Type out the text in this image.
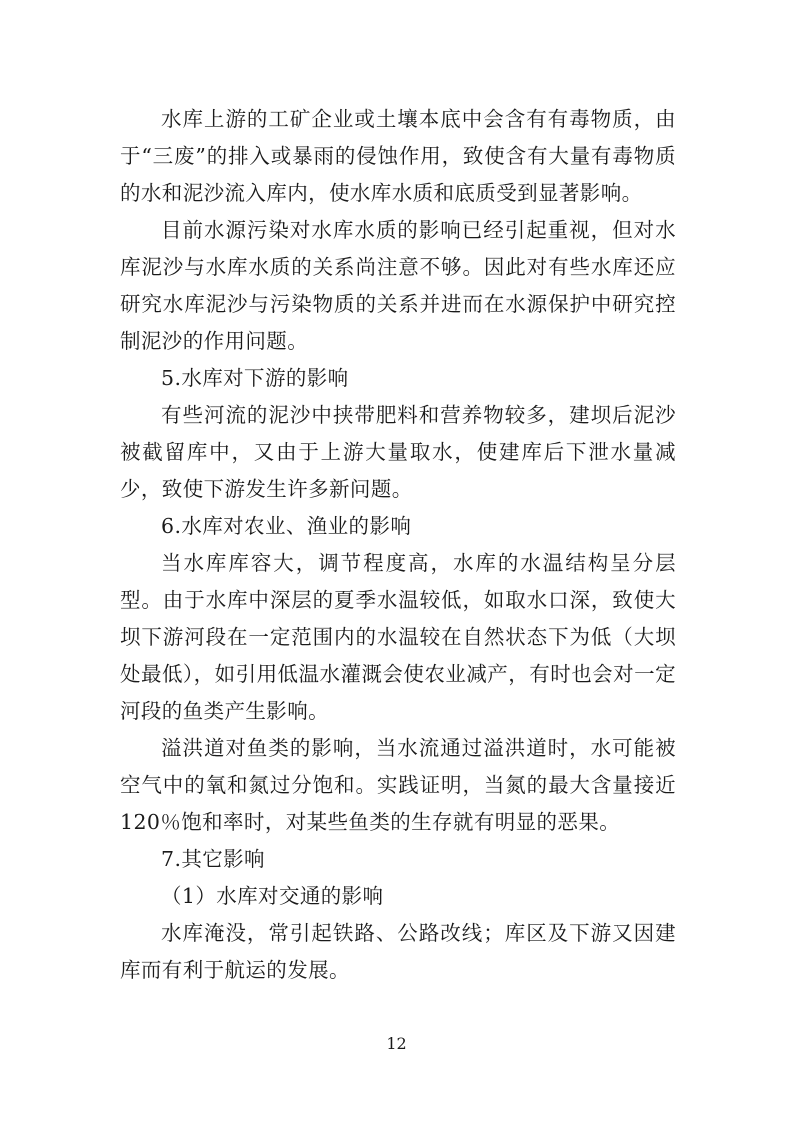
水库上游的工矿企业或土壤本底中会含有有毒物质，由于“三废”的排入或暴雨的侵蚀作用，致使含有大量有毒物质的水和泥沙流入库内，使水库水质和底质受到显著影响。

目前水源污染对水库水质的影响已经引起重视，但对水库泥沙与水库水质的关系尚注意不够。因此对有些水库还应研究水库泥沙与污染物质的关系并进而在水源保护中研究控制泥沙的作用问题。

5.水库对下游的影响

有些河流的泥沙中挟带肥料和营养物较多，建坝后泥沙被截留库中，又由于上游大量取水，使建库后下泄水量减少，致使下游发生许多新问题。

6.水库对农业、渔业的影响

当水库库容大，调节程度高，水库的水温结构呈分层型。由于水库中深层的夏季水温较低，如取水口深，致使大坝下游河段在一定范围内的水温较在自然状态下为低（大坝处最低），如引用低温水灌溉会使农业减产，有时也会对一定河段的鱼类产生影响。

溢洪道对鱼类的影响，当水流通过溢洪道时，水可能被空气中的氧和氮过分饱和。实践证明，当氮的最大含量接近120％饱和率时，对某些鱼类的生存就有明显的恶果。

7.其它影响

（1）水库对交通的影响

水库淹没，常引起铁路、公路改线；库区及下游又因建库而有利于航运的发展。

12
